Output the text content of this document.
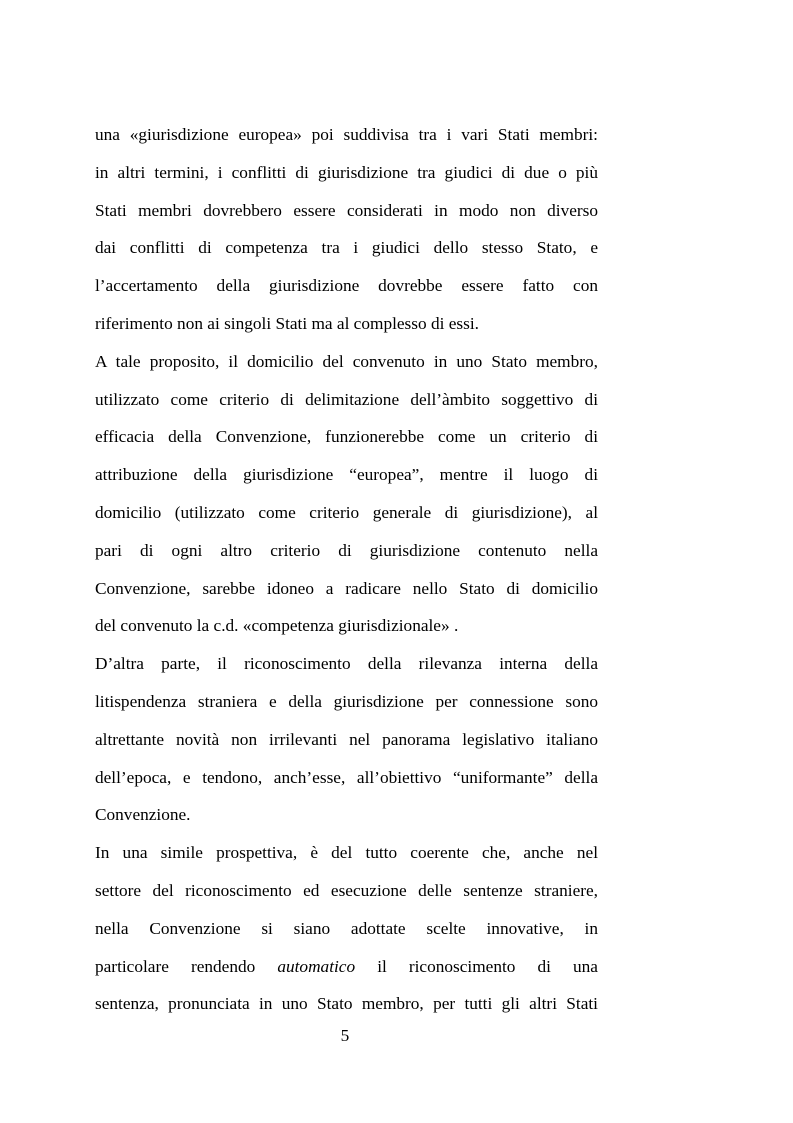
una «giurisdizione europea» poi suddivisa tra i vari Stati membri:
in altri termini, i conflitti di giurisdizione tra giudici di due o più
Stati membri dovrebbero essere considerati in modo non diverso
dai conflitti di competenza tra i giudici dello stesso Stato, e
l’accertamento della giurisdizione dovrebbe essere fatto con
riferimento non ai singoli Stati ma al complesso di essi.
A tale proposito, il domicilio del convenuto in uno Stato membro,
utilizzato come criterio di delimitazione dell’àmbito soggettivo di
efficacia della Convenzione, funzionerebbe come un criterio di
attribuzione della giurisdizione “europea”, mentre il luogo di
domicilio (utilizzato come criterio generale di giurisdizione), al
pari di ogni altro criterio di giurisdizione contenuto nella
Convenzione, sarebbe idoneo a radicare nello Stato di domicilio
del convenuto la c.d. «competenza giurisdizionale» .
D’altra parte, il riconoscimento della rilevanza interna della
litispendenza straniera e della giurisdizione per connessione sono
altrettante novità non irrilevanti nel panorama legislativo italiano
dell’epoca, e tendono, anch’esse, all’obiettivo “uniformante” della
Convenzione.
In una simile prospettiva, è del tutto coerente che, anche nel
settore del riconoscimento ed esecuzione delle sentenze straniere,
nella Convenzione si siano adottate scelte innovative, in
particolare rendendo automatico il riconoscimento di una
sentenza, pronunciata in uno Stato membro, per tutti gli altri Stati
5
